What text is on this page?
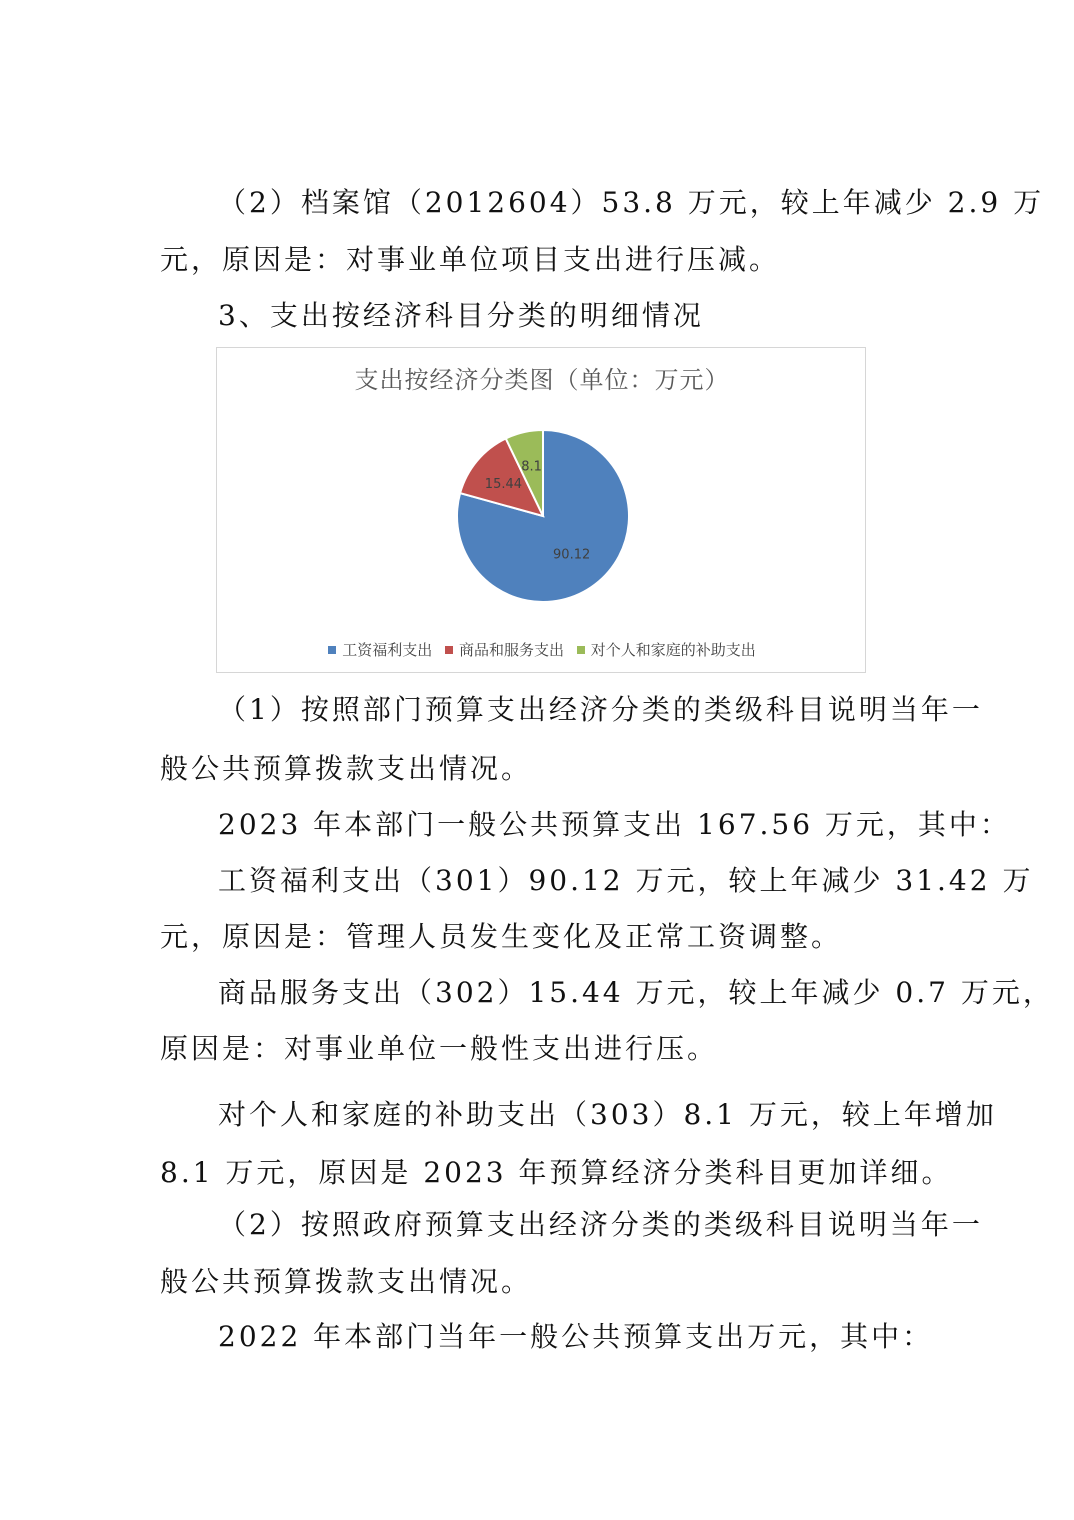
（2）档案馆（2012604）53.8 万元，较上年减少 2.9 万
元，原因是：对事业单位项目支出进行压减。
3、支出按经济科目分类的明细情况
支出按经济分类图（单位：万元）
90.12
15.44
8.1
工资福利支出 商品和服务支出 对个人和家庭的补助支出
（1）按照部门预算支出经济分类的类级科目说明当年一
般公共预算拨款支出情况。
2023 年本部门一般公共预算支出 167.56 万元，其中：
工资福利支出（301）90.12 万元，较上年减少 31.42 万
元，原因是：管理人员发生变化及正常工资调整。
商品服务支出（302）15.44 万元，较上年减少 0.7 万元，
原因是：对事业单位一般性支出进行压。
对个人和家庭的补助支出（303）8.1 万元，较上年增加
8.1 万元，原因是 2023 年预算经济分类科目更加详细。
（2）按照政府预算支出经济分类的类级科目说明当年一
般公共预算拨款支出情况。
2022 年本部门当年一般公共预算支出万元，其中：
